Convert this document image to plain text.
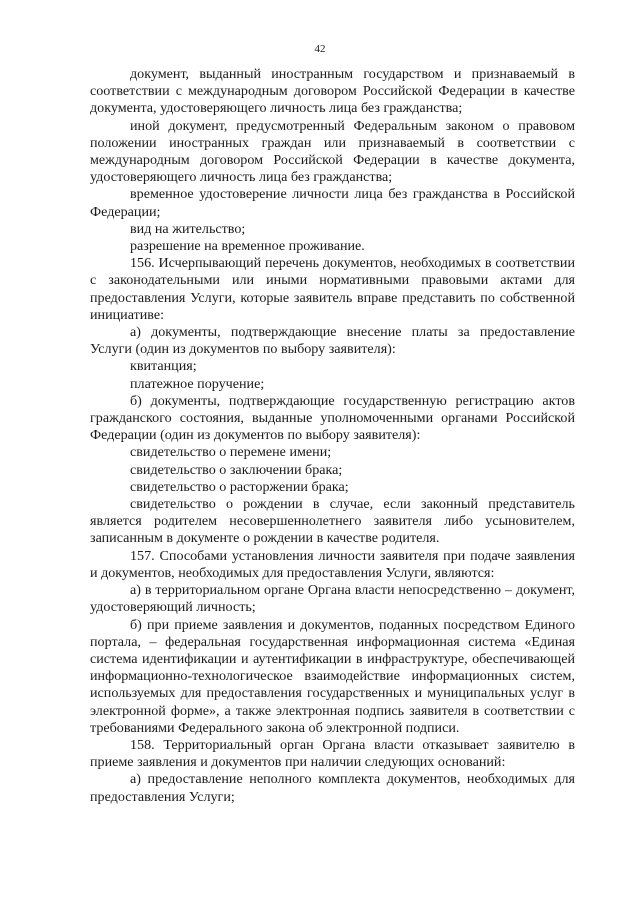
42

документ, выданный иностранным государством и признаваемый в соответствии с международным договором Российской Федерации в качестве документа, удостоверяющего личность лица без гражданства;

иной документ, предусмотренный Федеральным законом о правовом положении иностранных граждан или признаваемый в соответствии с международным договором Российской Федерации в качестве документа, удостоверяющего личность лица без гражданства;

временное удостоверение личности лица без гражданства в Российской Федерации;

вид на жительство;

разрешение на временное проживание.

156. Исчерпывающий перечень документов, необходимых в соответствии с законодательными или иными нормативными правовыми актами для предоставления Услуги, которые заявитель вправе представить по собственной инициативе:

а) документы, подтверждающие внесение платы за предоставление Услуги (один из документов по выбору заявителя):

квитанция;

платежное поручение;

б) документы, подтверждающие государственную регистрацию актов гражданского состояния, выданные уполномоченными органами Российской Федерации (один из документов по выбору заявителя):

свидетельство о перемене имени;

свидетельство о заключении брака;

свидетельство о расторжении брака;

свидетельство о рождении в случае, если законный представитель является родителем несовершеннолетнего заявителя либо усыновителем, записанным в документе о рождении в качестве родителя.

157. Способами установления личности заявителя при подаче заявления и документов, необходимых для предоставления Услуги, являются:

а) в территориальном органе Органа власти непосредственно – документ, удостоверяющий личность;

б) при приеме заявления и документов, поданных посредством Единого портала, – федеральная государственная информационная система «Единая система идентификации и аутентификации в инфраструктуре, обеспечивающей информационно-технологическое взаимодействие информационных систем, используемых для предоставления государственных и муниципальных услуг в электронной форме», а также электронная подпись заявителя в соответствии с требованиями Федерального закона об электронной подписи.

158. Территориальный орган Органа власти отказывает заявителю в приеме заявления и документов при наличии следующих оснований:

а) предоставление неполного комплекта документов, необходимых для предоставления Услуги;
